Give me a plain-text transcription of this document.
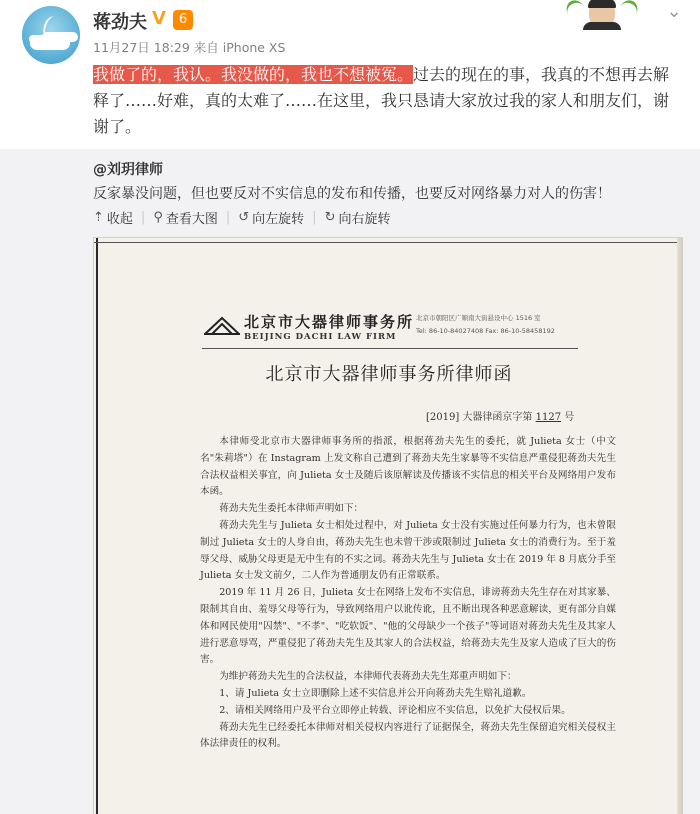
蒋劲夫 V 6
11月27日 18:29 来自 iPhone XS
⌄
我做了的，我认。我没做的，我也不想被冤。过去的现在的事，我真的不想再去解释了……好难，真的太难了……在这里，我只恳请大家放过我的家人和朋友们，谢谢了。
@刘玥律师
反家暴没问题，但也要反对不实信息的发布和传播，也要反对网络暴力对人的伤害！
⇡ 收起 | ⚲ 查看大图 | ↺ 向左旋转 | ↻ 向右旋转
北京市大器律师事务所
BEIJING DACHI LAW FIRM
北京市朝阳区广顺南大街悬设中心 1516 室
Tel: 86-10-84027408 Fax: 86-10-58458192
北京市大器律师事务所律师函
[2019] 大器律函京字第 1127 号

本律师受北京市大器律师事务所的指派，根据蒋劲夫先生的委托，就 Julieta 女士（中文名"朱莉塔"）在 Instagram 上发文称自己遭到了蒋劲夫先生家暴等不实信息严重侵犯蒋劲夫先生合法权益相关事宜，向 Julieta 女士及随后该原解读及传播该不实信息的相关平台及网络用户发布本函。

蒋劲夫先生委托本律师声明如下：

蒋劲夫先生与 Julieta 女士相处过程中，对 Julieta 女士没有实施过任何暴力行为，也未曾限制过 Julieta 女士的人身自由，蒋劲夫先生也未曾干涉或限制过 Julieta 女士的消费行为。至于羞辱父母、威胁父母更是无中生有的不实之词。蒋劲夫先生与 Julieta 女士在 2019 年 8 月底分手至 Julieta 女士发文前夕，二人作为普通朋友仍有正常联系。

2019 年 11 月 26 日，Julieta 女士在网络上发布不实信息，诽谤蒋劲夫先生存在对其家暴、限制其自由、羞辱父母等行为，导致网络用户以讹传讹，且不断出现各种恶意解读，更有部分自媒体和网民使用"囚禁"、"不孝"、"吃软饭"、"他的父母缺少一个孩子"等词语对蒋劲夫先生及其家人进行恶意辱骂，严重侵犯了蒋劲夫先生及其家人的合法权益，给蒋劲夫先生及家人造成了巨大的伤害。

为维护蒋劲夫先生的合法权益，本律师代表蒋劲夫先生郑重声明如下：

1、请 Julieta 女士立即删除上述不实信息并公开向蒋劲夫先生赔礼道歉。

2、请相关网络用户及平台立即停止转载、评论相应不实信息，以免扩大侵权后果。

蒋劲夫先生已经委托本律师对相关侵权内容进行了证据保全，蒋劲夫先生保留追究相关侵权主体法律责任的权利。
